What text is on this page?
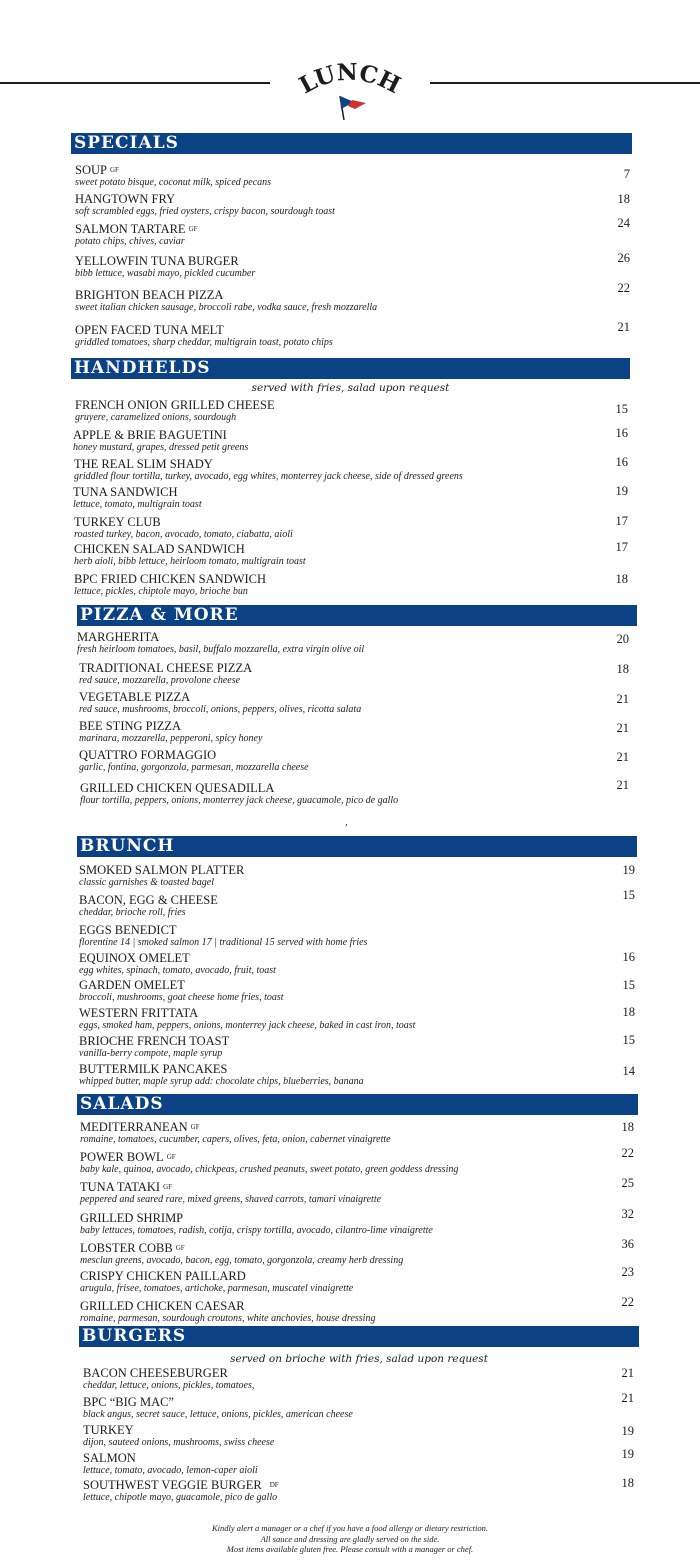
LUNCH
SPECIALS
SOUP $^{GF}$
sweet potato bisque, coconut milk, spiced pecans
7
HANGTOWN FRY
soft scrambled eggs, fried oysters, crispy bacon, sourdough toast
18
SALMON TARTARE $^{GF}$
potato chips, chives, caviar
24
YELLOWFIN TUNA BURGER
bibb lettuce, wasabi mayo, pickled cucumber
26
BRIGHTON BEACH PIZZA
sweet italian chicken sausage, broccoli rabe, vodka sauce, fresh mozzarella
22
OPEN FACED TUNA MELT
griddled tomatoes, sharp cheddar, multigrain toast, potato chips
21
HANDHELDS
served with fries, salad upon request
FRENCH ONION GRILLED CHEESE
gruyere, caramelized onions, sourdough
15
APPLE & BRIE BAGUETINI
honey mustard, grapes, dressed petit greens
16
THE REAL SLIM SHADY
griddled flour tortilla, turkey, avocado, egg whites, monterrey jack cheese, side of dressed greens
16
TUNA SANDWICH
lettuce, tomato, multigrain toast
19
TURKEY CLUB
roasted turkey, bacon, avocado, tomato, ciabatta, aioli
17
CHICKEN SALAD SANDWICH
herb aioli, bibb lettuce, heirloom tomato, multigrain toast
17
BPC FRIED CHICKEN SANDWICH
lettuce, pickles, chiptole mayo, brioche bun
18
PIZZA & MORE
MARGHERITA
fresh heirloom tomatoes, basil, buffalo mozzarella, extra virgin olive oil
20
TRADITIONAL CHEESE PIZZA
red sauce, mozzarella, provolone cheese
18
VEGETABLE PIZZA
red sauce, mushrooms, broccoli, onions, peppers, olives, ricotta salata
21
BEE STING PIZZA
marinara, mozzarella, pepperoni, spicy honey
21
QUATTRO FORMAGGIO
garlic, fontina, gorgonzola, parmesan, mozzarella cheese
21
GRILLED CHICKEN QUESADILLA
flour tortilla, peppers, onions, monterrey jack cheese, guacamole, pico de gallo
21
,
BRUNCH
SMOKED SALMON PLATTER
classic garnishes & toasted bagel
19
BACON, EGG & CHEESE
cheddar, brioche roll, fries
15
EGGS BENEDICT
florentine 14 | smoked salmon 17 | traditional 15 served with home fries
EQUINOX OMELET
egg whites, spinach, tomato, avocado, fruit, toast
16
GARDEN OMELET
broccoli, mushrooms, goat cheese home fries, toast
15
WESTERN FRITTATA
eggs, smoked ham, peppers, onions, monterrey jack cheese, baked in cast iron, toast
18
BRIOCHE FRENCH TOAST
vanilla-berry compote, maple syrup
15
BUTTERMILK PANCAKES
whipped butter, maple syrup add: chocolate chips, blueberries, banana
14
SALADS
MEDITERRANEAN $^{GF}$
romaine, tomatoes, cucumber, capers, olives, feta, onion, cabernet vinaigrette
18
POWER BOWL $^{GF}$
baby kale, quinoa, avocado, chickpeas, crushed peanuts, sweet potato, green goddess dressing
22
TUNA TATAKI $^{GF}$
peppered and seared rare, mixed greens, shaved carrots, tamari vinaigrette
25
GRILLED SHRIMP
baby lettuces, tomatoes, radish, cotija, crispy tortilla, avocado, cilantro-lime vinaigrette
32
LOBSTER COBB $^{GF}$
mesclun greens, avocado, bacon, egg, tomato, gorgonzola, creamy herb dressing
36
CRISPY CHICKEN PAILLARD
arugula, frisee, tomatoes, artichoke, parmesan, muscatel vinaigrette
23
GRILLED CHICKEN CAESAR
romaine, parmesan, sourdough croutons, white anchovies, house dressing
22
BURGERS
served on brioche with fries, salad upon request
BACON CHEESEBURGER
cheddar, lettuce, onions, pickles, tomatoes,
21
BPC “BIG MAC”
black angus, secret sauce, lettuce, onions, pickles, american cheese
21
TURKEY
dijon, sauteed onions, mushrooms, swiss cheese
19
SALMON
lettuce, tomato, avocado, lemon-caper aioli
19
SOUTHWEST VEGGIE BURGER $^{DF}$
lettuce, chipotle mayo, guacamole, pico de gallo
18
Kindly alert a manager or a chef if you have a food allergy or dietary restriction.
All sauce and dressing are gladly served on the side.
Most items available gluten free. Please consult with a manager or chef.
